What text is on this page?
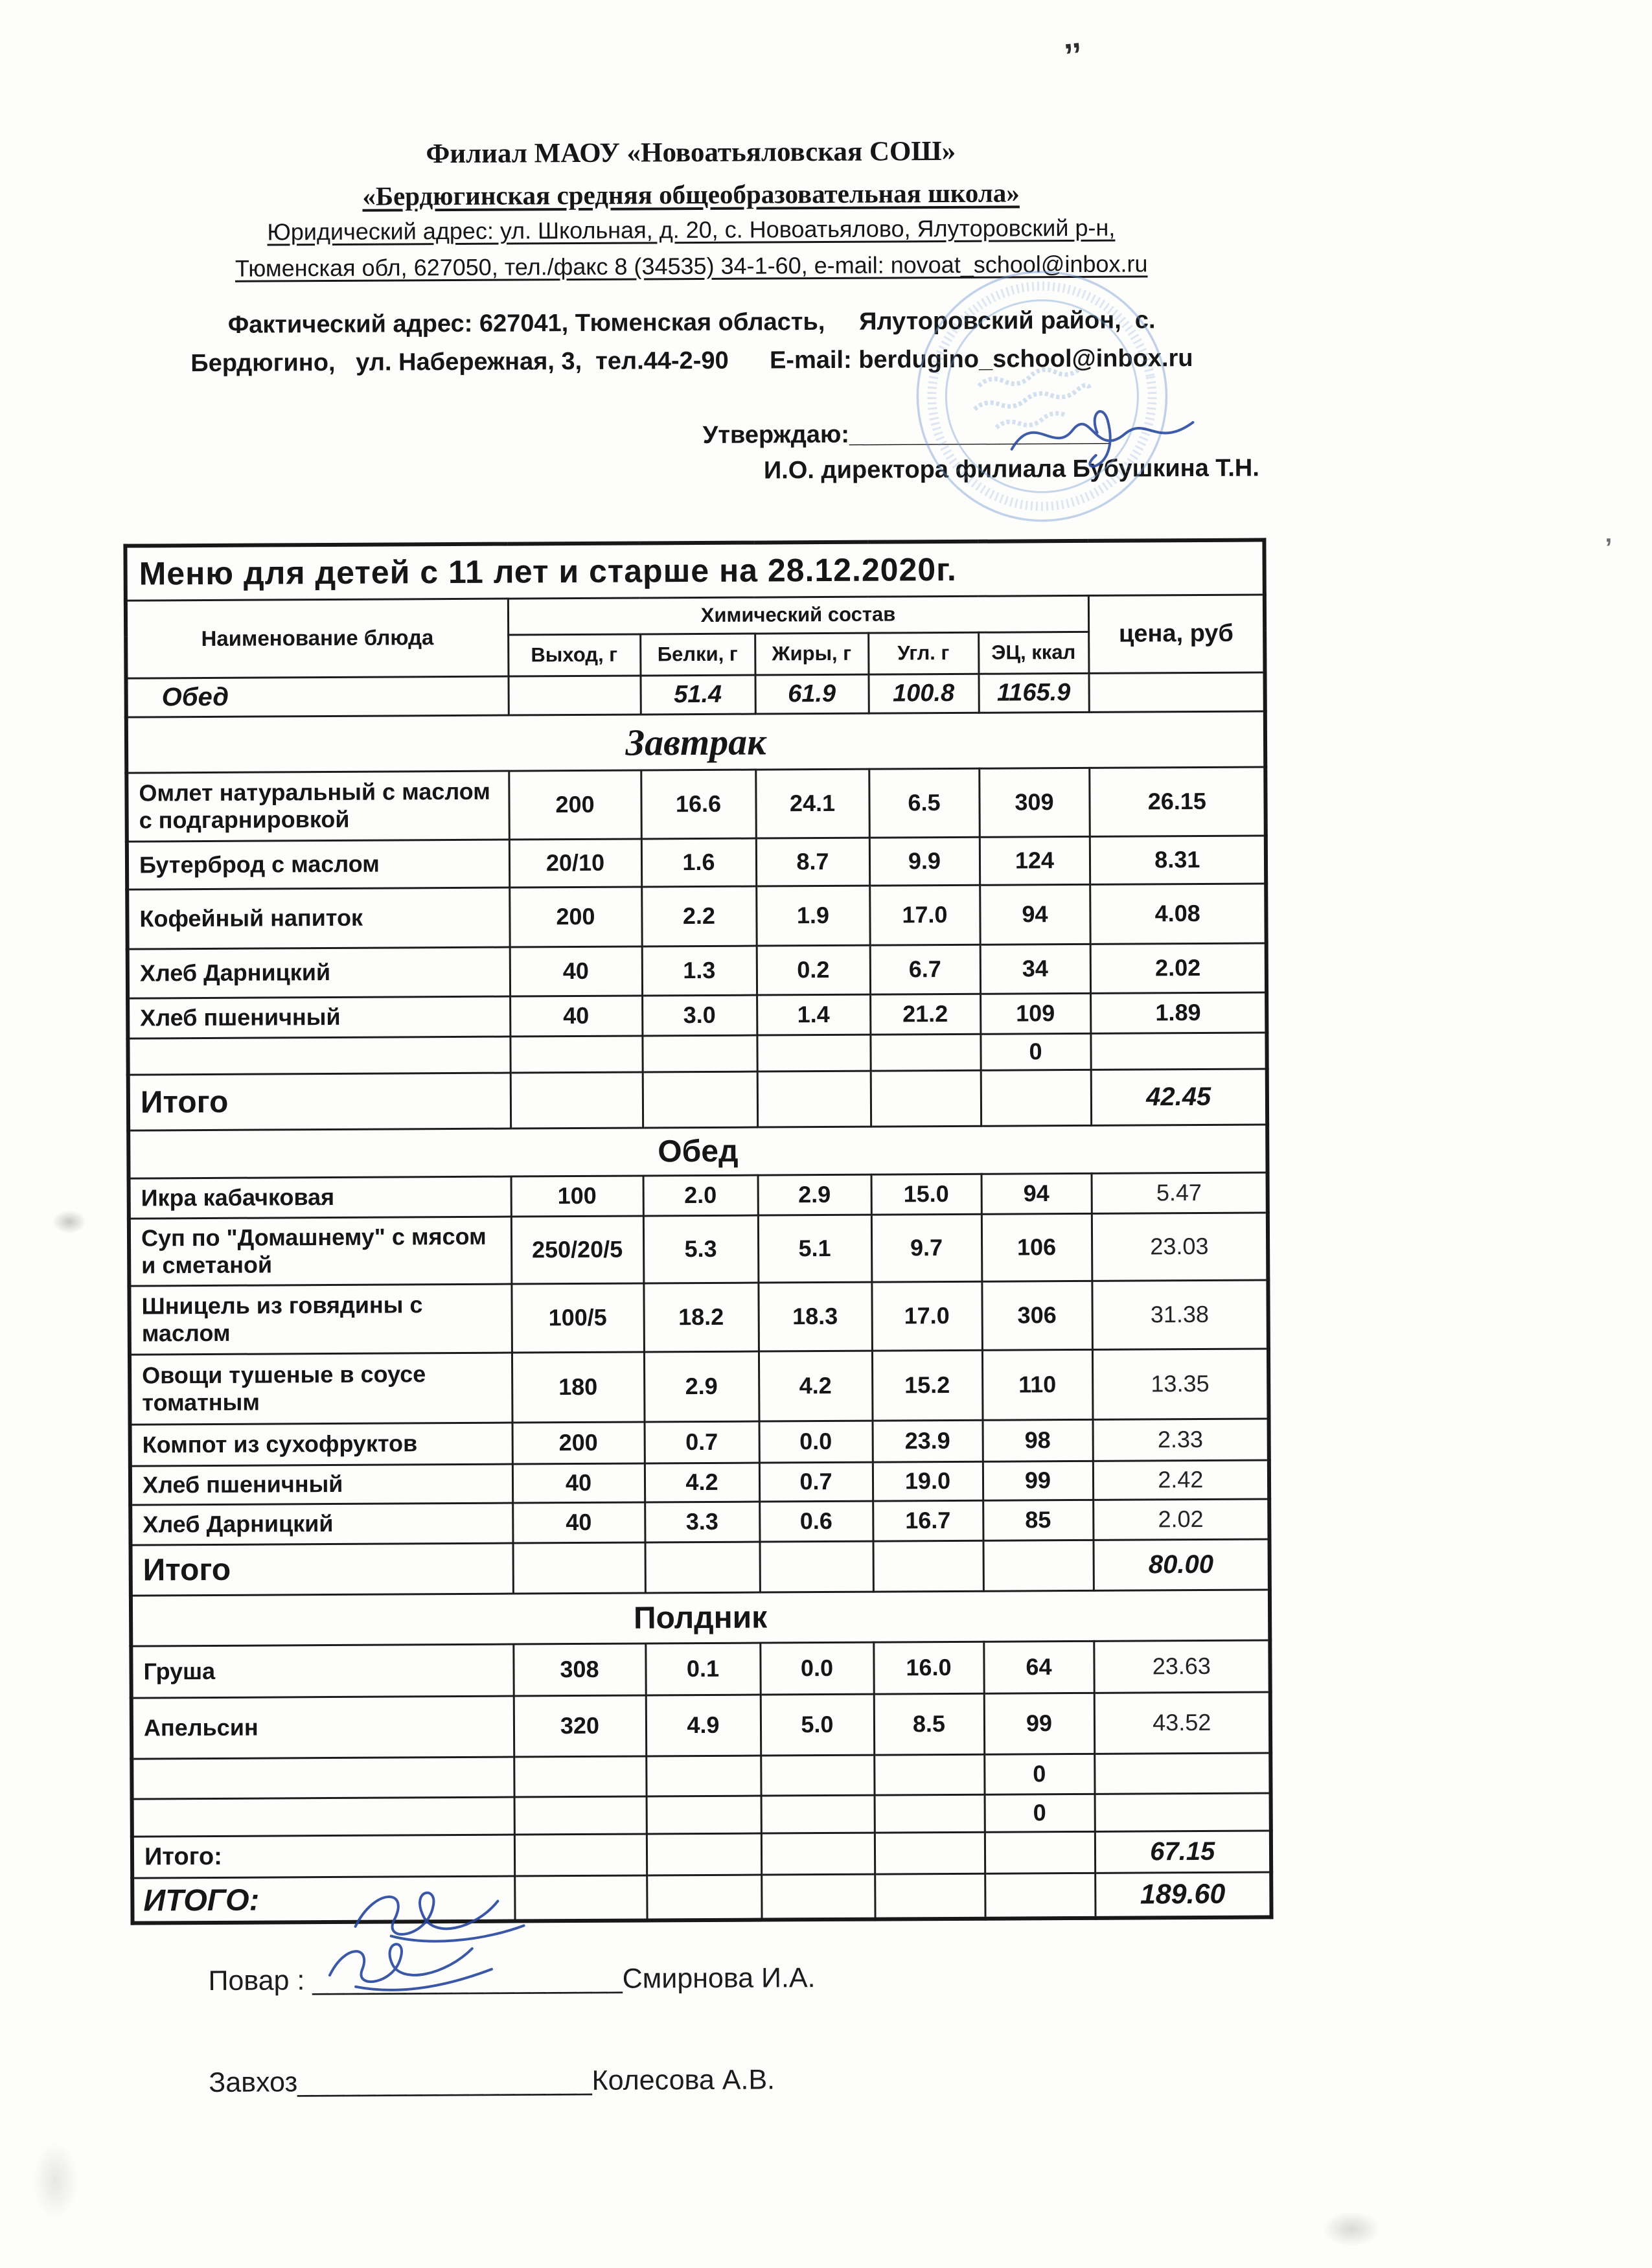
Филиал МАОУ «Новоатьяловская СОШ»
«Бердюгинская средняя общеобразовательная школа»
Юридический адрес: ул. Школьная, д. 20, с. Новоатьялово, Ялуторовский р-н,
Тюменская обл, 627050, тел./факс 8 (34535) 34-1-60, e-mail: novoat_school@inbox.ru
Фактический адрес: 627041, Тюменская область,     Ялуторовский район,  с.
Бердюгино,   ул. Набережная, 3,  тел.44-2-90      E-mail: berdugino_school@inbox.ru
Утверждаю:___________________
И.О. директора филиала Бубушкина Т.Н.
Меню для детей с 11 лет и старше на 28.12.2020г.						
Наименование блюда	Химический состав					цена, руб
	Выход, г	Белки, г	Жиры, г	Угл. г	ЭЦ, ккал	
Обед		51.4	61.9	100.8	1165.9	
Завтрак						
Омлет натуральный с маслом с подгарнировкой	200	16.6	24.1	6.5	309	26.15
Бутерброд с маслом	20/10	1.6	8.7	9.9	124	8.31
Кофейный напиток	200	2.2	1.9	17.0	94	4.08
Хлеб Дарницкий	40	1.3	0.2	6.7	34	2.02
Хлеб пшеничный	40	3.0	1.4	21.2	109	1.89
					0	
Итого						42.45
Обед						
Икра кабачковая	100	2.0	2.9	15.0	94	5.47
Суп по "Домашнему" с мясом и сметаной	250/20/5	5.3	5.1	9.7	106	23.03
Шницель из говядины с маслом	100/5	18.2	18.3	17.0	306	31.38
Овощи тушеные в соусе томатным	180	2.9	4.2	15.2	110	13.35
Компот из сухофруктов	200	0.7	0.0	23.9	98	2.33
Хлеб пшеничный	40	4.2	0.7	19.0	99	2.42
Хлеб Дарницкий	40	3.3	0.6	16.7	85	2.02
Итого						80.00
Полдник						
Груша	308	0.1	0.0	16.0	64	23.63
Апельсин	320	4.9	5.0	8.5	99	43.52
					0	
					0	
Итого:						67.15
ИТОГО:						189.60

Повар : ____________________Смирнова И.А.

Завхоз___________________Колесова А.В.

’’
’
